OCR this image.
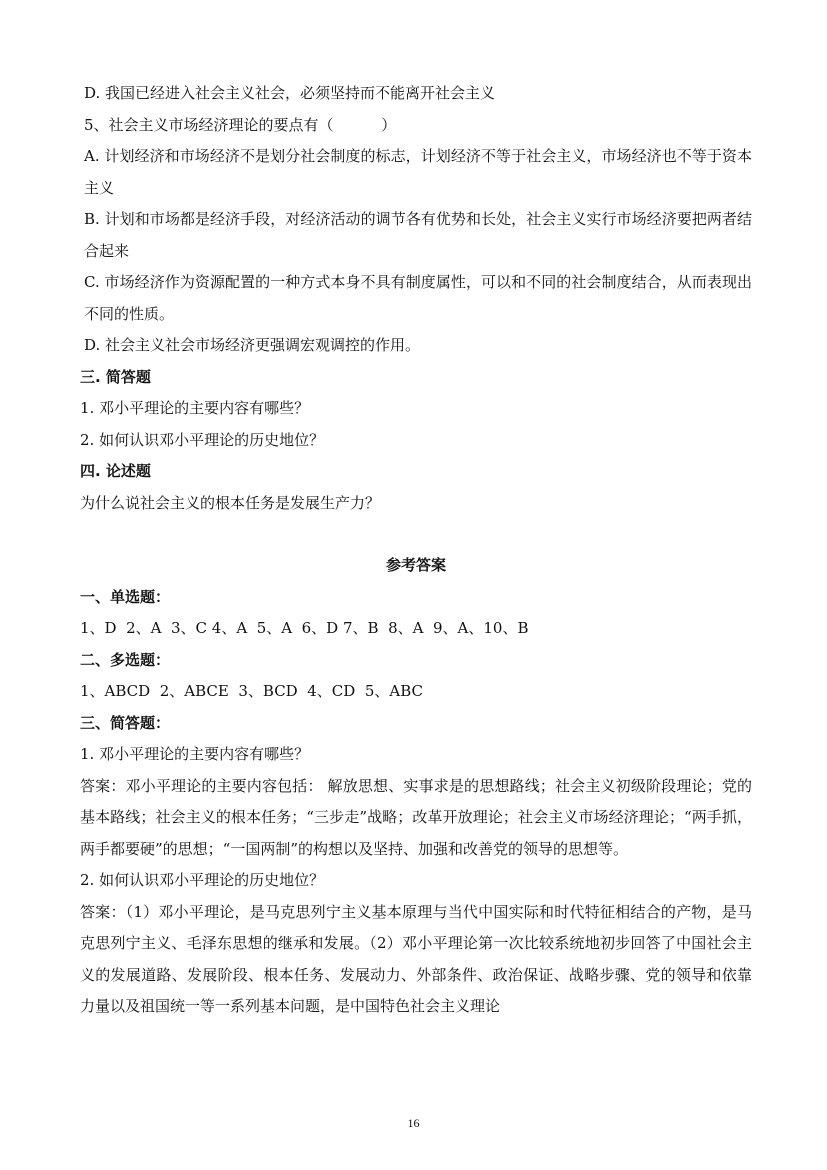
D. 我国已经进入社会主义社会，必须坚持而不能离开社会主义

5、社会主义市场经济理论的要点有（          ）

A. 计划经济和市场经济不是划分社会制度的标志，计划经济不等于社会主义，市场经济也不等于资本主义

B. 计划和市场都是经济手段，对经济活动的调节各有优势和长处，社会主义实行市场经济要把两者结合起来

C. 市场经济作为资源配置的一种方式本身不具有制度属性，可以和不同的社会制度结合，从而表现出不同的性质。

D. 社会主义社会市场经济更强调宏观调控的作用。

三. 简答题

1. 邓小平理论的主要内容有哪些？

2. 如何认识邓小平理论的历史地位？

四. 论述题

为什么说社会主义的根本任务是发展生产力？

参考答案

一、单选题：

1、D  2、A  3、C 4、A  5、A  6、D 7、B  8、A  9、A、10、B

二、多选题：

1、ABCD  2、ABCE  3、BCD  4、CD  5、ABC

三、简答题：

1. 邓小平理论的主要内容有哪些？

答案：邓小平理论的主要内容包括： 解放思想、实事求是的思想路线；社会主义初级阶段理论；党的基本路线；社会主义的根本任务；“三步走”战略；改革开放理论；社会主义市场经济理论；“两手抓，两手都要硬”的思想；“一国两制”的构想以及坚持、加强和改善党的领导的思想等。

2. 如何认识邓小平理论的历史地位？

答案：（1）邓小平理论，是马克思列宁主义基本原理与当代中国实际和时代特征相结合的产物，是马克思列宁主义、毛泽东思想的继承和发展。（2）邓小平理论第一次比较系统地初步回答了中国社会主义的发展道路、发展阶段、根本任务、发展动力、外部条件、政治保证、战略步骤、党的领导和依靠力量以及祖国统一等一系列基本问题，是中国特色社会主义理论

16
